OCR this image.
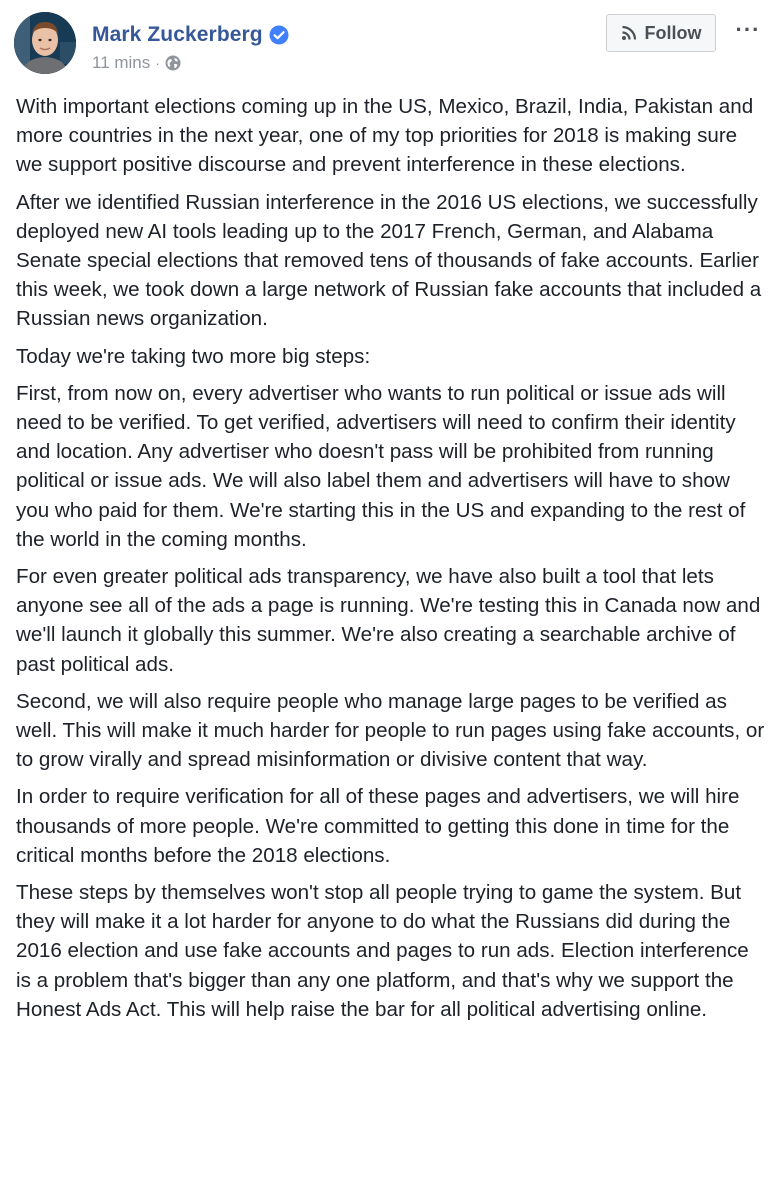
Mark Zuckerberg
11 mins ·
Follow ···

With important elections coming up in the US, Mexico, Brazil, India, Pakistan and more countries in the next year, one of my top priorities for 2018 is making sure we support positive discourse and prevent interference in these elections.

After we identified Russian interference in the 2016 US elections, we successfully deployed new AI tools leading up to the 2017 French, German, and Alabama Senate special elections that removed tens of thousands of fake accounts. Earlier this week, we took down a large network of Russian fake accounts that included a Russian news organization.

Today we're taking two more big steps:

First, from now on, every advertiser who wants to run political or issue ads will need to be verified. To get verified, advertisers will need to confirm their identity and location. Any advertiser who doesn't pass will be prohibited from running political or issue ads. We will also label them and advertisers will have to show you who paid for them. We're starting this in the US and expanding to the rest of the world in the coming months.

For even greater political ads transparency, we have also built a tool that lets anyone see all of the ads a page is running. We're testing this in Canada now and we'll launch it globally this summer. We're also creating a searchable archive of past political ads.

Second, we will also require people who manage large pages to be verified as well. This will make it much harder for people to run pages using fake accounts, or to grow virally and spread misinformation or divisive content that way.

In order to require verification for all of these pages and advertisers, we will hire thousands of more people. We're committed to getting this done in time for the critical months before the 2018 elections.

These steps by themselves won't stop all people trying to game the system. But they will make it a lot harder for anyone to do what the Russians did during the 2016 election and use fake accounts and pages to run ads. Election interference is a problem that's bigger than any one platform, and that's why we support the Honest Ads Act. This will help raise the bar for all political advertising online.
